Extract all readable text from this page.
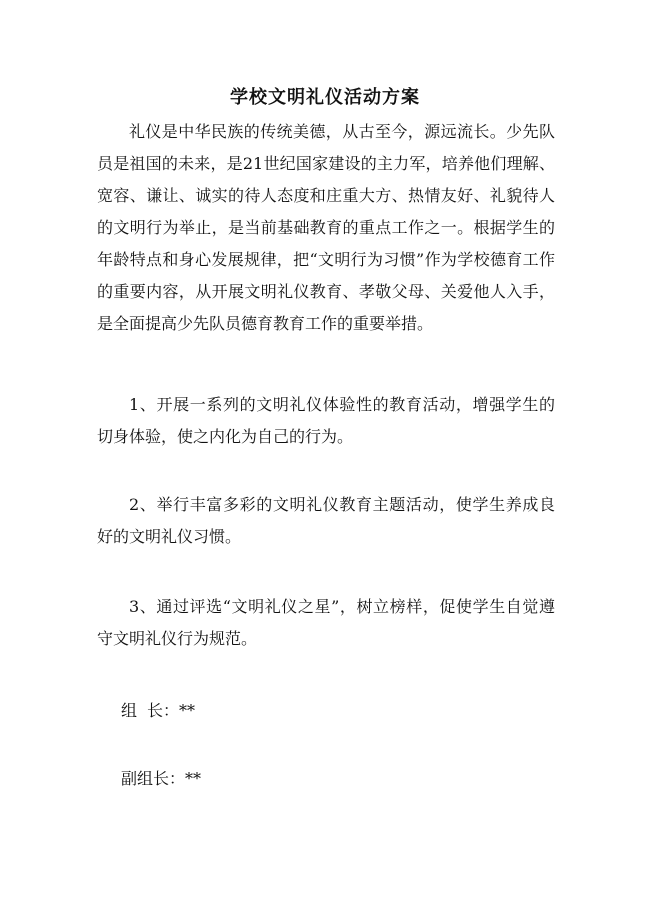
学校文明礼仪活动方案

礼仪是中华民族的传统美德，从古至今，源远流长。少先队员是祖国的未来，是21世纪国家建设的主力军，培养他们理解、宽容、谦让、诚实的待人态度和庄重大方、热情友好、礼貌待人的文明行为举止，是当前基础教育的重点工作之一。根据学生的年龄特点和身心发展规律，把“文明行为习惯”作为学校德育工作的重要内容，从开展文明礼仪教育、孝敬父母、关爱他人入手，是全面提高少先队员德育教育工作的重要举措。

1、开展一系列的文明礼仪体验性的教育活动，增强学生的切身体验，使之内化为自己的行为。

2、举行丰富多彩的文明礼仪教育主题活动，使学生养成良好的文明礼仪习惯。

3、通过评选“文明礼仪之星”，树立榜样，促使学生自觉遵守文明礼仪行为规范。

组 长：**
副组长：**
